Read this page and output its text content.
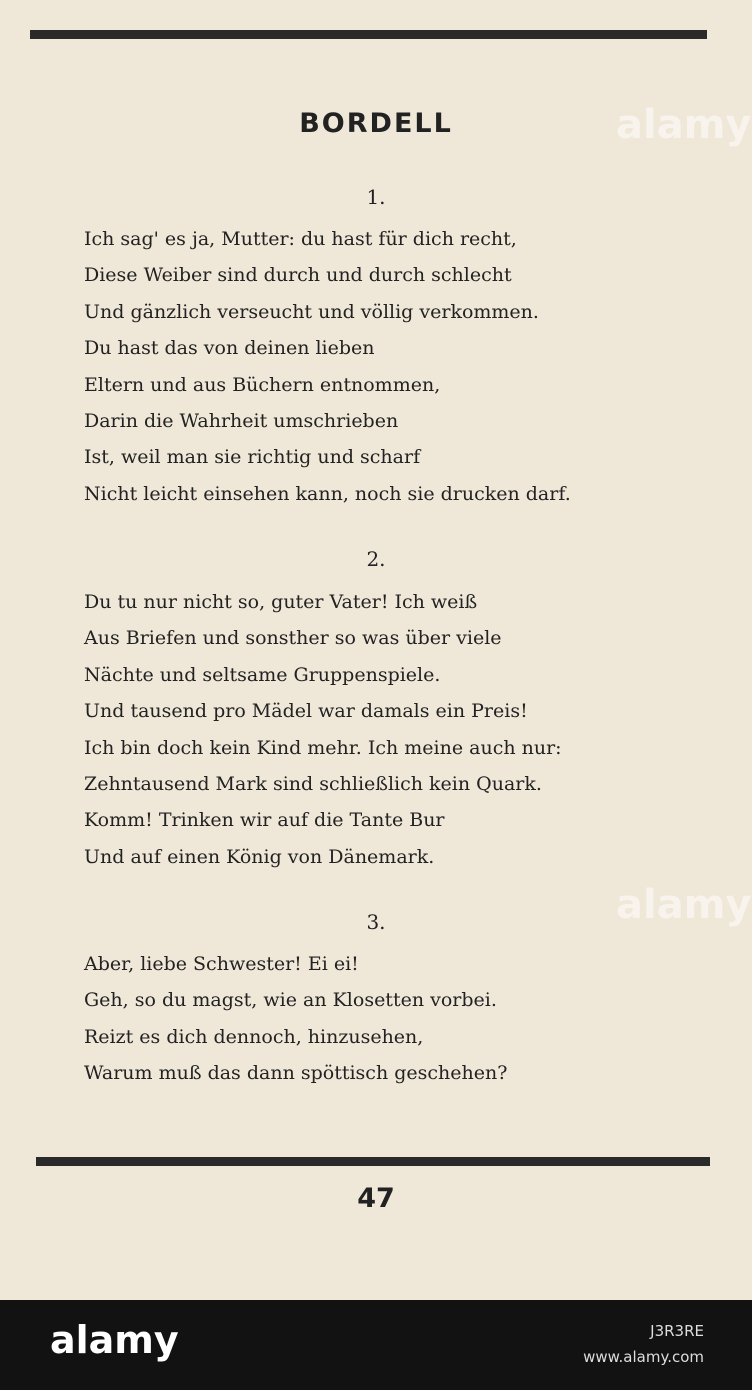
alamy
alamy
BORDELL
1.
Ich sag' es ja, Mutter: du hast für dich recht,
Diese Weiber sind durch und durch schlecht
Und gänzlich verseucht und völlig verkommen.
Du hast das von deinen lieben
Eltern und aus Büchern entnommen,
Darin die Wahrheit umschrieben
Ist, weil man sie richtig und scharf
Nicht leicht einsehen kann, noch sie drucken darf.
2.
Du tu nur nicht so, guter Vater! Ich weiß
Aus Briefen und sonsther so was über viele
Nächte und seltsame Gruppenspiele.
Und tausend pro Mädel war damals ein Preis!
Ich bin doch kein Kind mehr. Ich meine auch nur:
Zehntausend Mark sind schließlich kein Quark.
Komm! Trinken wir auf die Tante Bur
Und auf einen König von Dänemark.
3.
Aber, liebe Schwester! Ei ei!
Geh, so du magst, wie an Klosetten vorbei.
Reizt es dich dennoch, hinzusehen,
Warum muß das dann spöttisch geschehen?
47
alamy	J3R3RE
www.alamy.com
